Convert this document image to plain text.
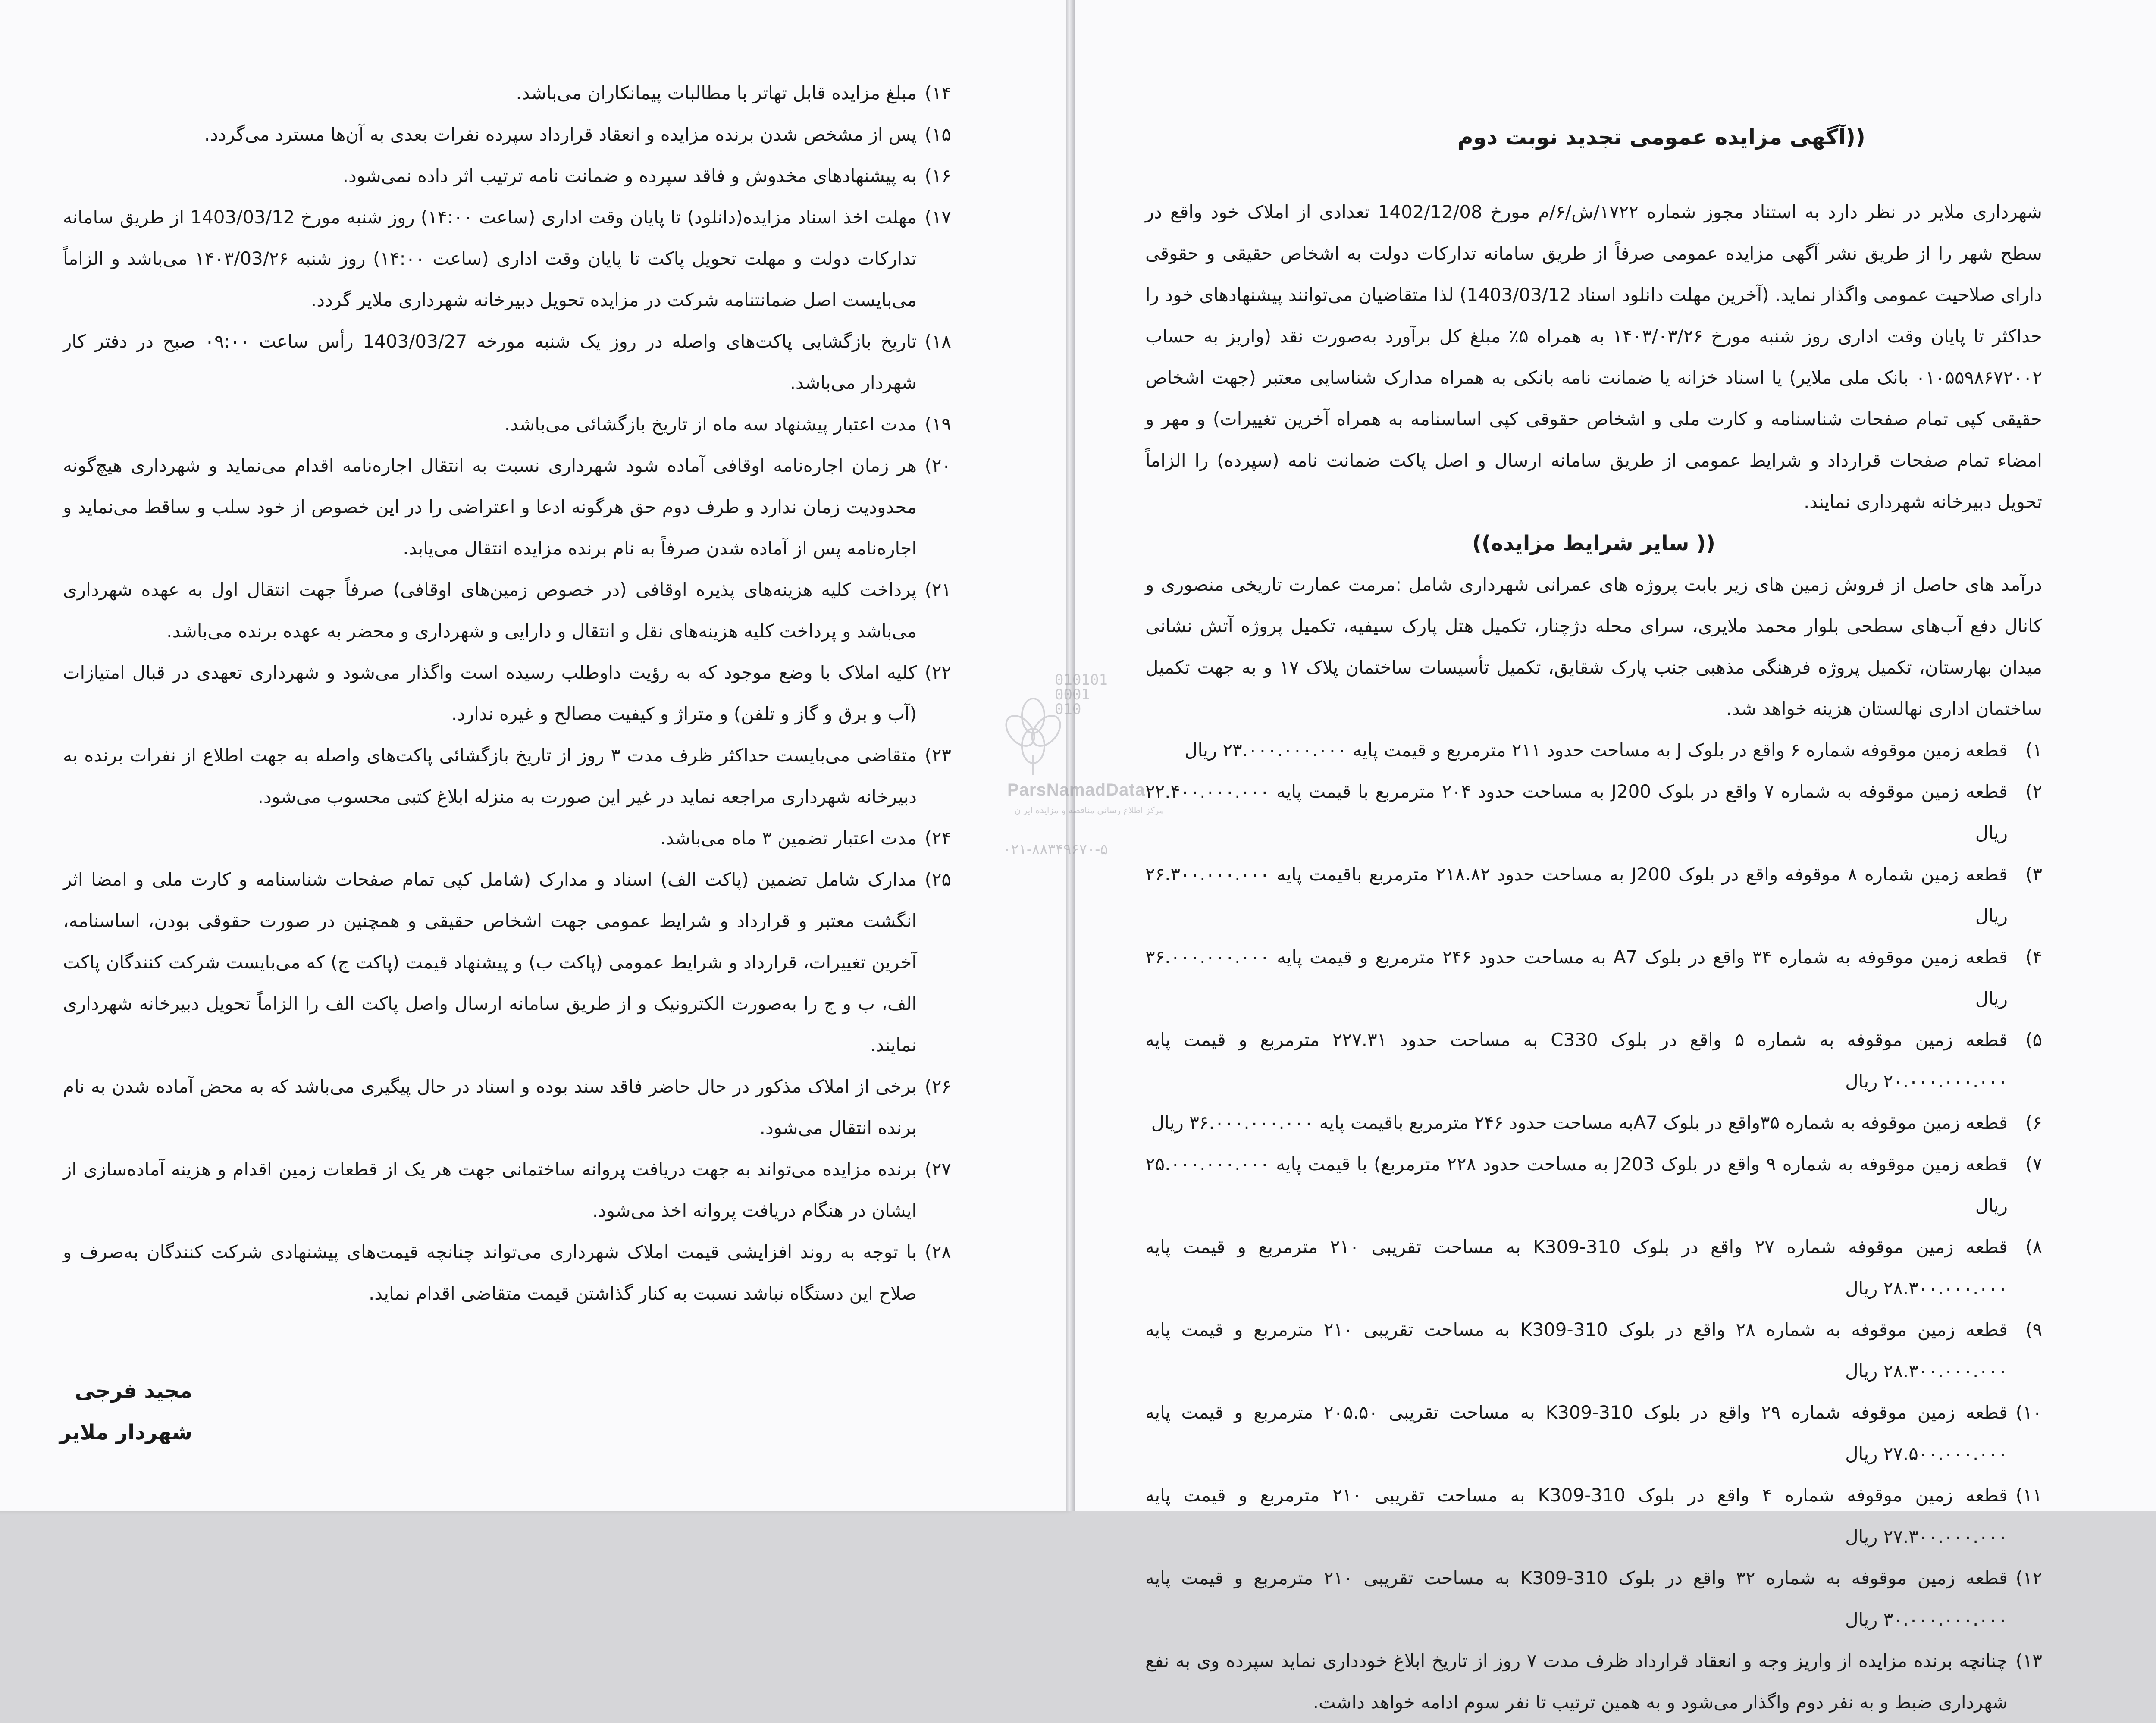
((آگهی مزایده عمومی تجدید نوبت دوم

شهرداری ملایر در نظر دارد به استناد مجوز شماره ۱۷۲۲/ش/۶/م مورخ 1402/12/08 تعدادی از املاک خود واقع در سطح شهر را از طریق نشر آگهی مزایده عمومی صرفاً از طریق سامانه تدارکات دولت به اشخاص حقیقی و حقوقی دارای صلاحیت عمومی واگذار نماید. (آخرین مهلت دانلود اسناد 1403/03/12) لذا متقاضیان می‌توانند پیشنهادهای خود را حداکثر تا پایان وقت اداری روز شنبه مورخ ۱۴۰۳/۰۳/۲۶ به همراه ۵٪ مبلغ کل برآورد به‌صورت نقد (واریز به حساب ۰۱۰۵۵۹۸۶۷۲۰۰۲ بانک ملی ملایر) یا اسناد خزانه یا ضمانت نامه بانکی به همراه مدارک شناسایی معتبر (جهت اشخاص حقیقی کپی تمام صفحات شناسنامه و کارت ملی و اشخاص حقوقی کپی اساسنامه به همراه آخرین تغییرات) و مهر و امضاء تمام صفحات قرارداد و شرایط عمومی از طریق سامانه ارسال و اصل پاکت ضمانت نامه (سپرده) را الزاماً تحویل دبیرخانه شهرداری نمایند.

(( سایر شرایط مزایده))

درآمد های حاصل از فروش زمین های زیر بابت پروژه های عمرانی شهرداری شامل :مرمت عمارت تاریخی منصوری و کانال دفع آب‌های سطحی بلوار محمد ملایری، سرای محله دژچنار، تکمیل هتل پارک سیفیه، تکمیل پروژه آتش نشانی میدان بهارستان، تکمیل پروژه فرهنگی مذهبی جنب پارک شقایق، تکمیل تأسیسات ساختمان پلاک ۱۷ و به جهت تکمیل ساختمان اداری نهالستان هزینه خواهد شد.

۱)
قطعه زمین موقوفه شماره ۶ واقع در بلوک J به مساحت حدود ۲۱۱ مترمربع و قیمت پایه ۲۳.۰۰۰.۰۰۰.۰۰۰ ریال
۲)
قطعه زمین موقوفه به شماره ۷ واقع در بلوک J200 به مساحت حدود ۲۰۴ مترمربع با قیمت پایه ۲۲.۴۰۰.۰۰۰.۰۰۰ ریال
۳)
قطعه زمین شماره ۸ موقوفه واقع در بلوک J200 به مساحت حدود ۲۱۸.۸۲ مترمربع باقیمت پایه ۲۶.۳۰۰.۰۰۰.۰۰۰ ریال
۴)
قطعه زمین موقوفه به شماره ۳۴ واقع در بلوک A7 به مساحت حدود ۲۴۶ مترمربع و قیمت پایه ۳۶.۰۰۰.۰۰۰.۰۰۰ ریال
۵)
قطعه زمین موقوفه به شماره ۵ واقع در بلوک C330 به مساحت حدود ۲۲۷.۳۱ مترمربع و قیمت پایه ۲۰.۰۰۰.۰۰۰.۰۰۰ ریال
۶)
قطعه زمین موقوفه به شماره ۳۵واقع در بلوک A7به مساحت حدود ۲۴۶ مترمربع باقیمت پایه ۳۶.۰۰۰.۰۰۰.۰۰۰ ریال
۷)
قطعه زمین موقوفه به شماره ۹ واقع در بلوک J203 به مساحت حدود ۲۲۸ مترمربع) با قیمت پایه ۲۵.۰۰۰.۰۰۰.۰۰۰ ریال
۸)
قطعه زمین موقوفه شماره ۲۷ واقع در بلوک K309-310 به مساحت تقریبی ۲۱۰ مترمربع و قیمت پایه ۲۸.۳۰۰.۰۰۰.۰۰۰ ریال
۹)
قطعه زمین موقوفه به شماره ۲۸ واقع در بلوک K309-310 به مساحت تقریبی ۲۱۰ مترمربع و قیمت پایه ۲۸.۳۰۰.۰۰۰.۰۰۰ ریال
۱۰)
قطعه زمین موقوفه شماره ۲۹ واقع در بلوک K309-310 به مساحت تقریبی ۲۰۵.۵۰ مترمربع و قیمت پایه ۲۷.۵۰۰.۰۰۰.۰۰۰ ریال
۱۱)
قطعه زمین موقوفه شماره ۴ واقع در بلوک K309-310 به مساحت تقریبی ۲۱۰ مترمربع و قیمت پایه ۲۷.۳۰۰.۰۰۰.۰۰۰ ریال
۱۲)
قطعه زمین موقوفه به شماره ۳۲ واقع در بلوک K309-310 به مساحت تقریبی ۲۱۰ مترمربع و قیمت پایه ۳۰.۰۰۰.۰۰۰.۰۰۰ ریال
۱۳)
چنانچه برنده مزایده از واریز وجه و انعقاد قرارداد ظرف مدت ۷ روز از تاریخ ابلاغ خودداری نماید سپرده وی به نفع شهرداری ضبط و به نفر دوم واگذار می‌شود و به همین ترتیب تا نفر سوم ادامه خواهد داشت.
۱۴)
مبلغ مزایده قابل تهاتر با مطالبات پیمانکاران می‌باشد.
۱۵)
پس از مشخص شدن برنده مزایده و انعقاد قرارداد سپرده نفرات بعدی به آن‌ها مسترد می‌گردد.
۱۶)
به پیشنهادهای مخدوش و فاقد سپرده و ضمانت نامه ترتیب اثر داده نمی‌شود.
۱۷)
مهلت اخذ اسناد مزایده(دانلود) تا پایان وقت اداری (ساعت ۱۴:۰۰) روز شنبه مورخ 1403/03/12 از طریق سامانه تدارکات دولت و مهلت تحویل پاکت تا پایان وقت اداری (ساعت ۱۴:۰۰) روز شنبه ۱۴۰۳/03/۲۶ می‌باشد و الزاماً می‌بایست اصل ضمانتنامه شرکت در مزایده تحویل دبیرخانه شهرداری ملایر گردد.
۱۸)
تاریخ بازگشایی پاکت‌های واصله در روز یک شنبه مورخه 1403/03/27 رأس ساعت ۰۹:۰۰ صبح در دفتر کار شهردار می‌باشد.
۱۹)
مدت اعتبار پیشنهاد سه ماه از تاریخ بازگشائی می‌باشد.
۲۰)
هر زمان اجارەنامه اوقافی آماده شود شهرداری نسبت به انتقال اجارەنامه اقدام می‌نماید و شهرداری هیچ‌گونه محدودیت زمان ندارد و طرف دوم حق هرگونه ادعا و اعتراضی را در این خصوص از خود سلب و ساقط می‌نماید و اجارەنامه پس از آماده شدن صرفاً به نام برنده مزایده انتقال می‌یابد.
۲۱)
پرداخت کلیه هزینه‌های پذیره اوقافی (در خصوص زمین‌های اوقافی) صرفاً جهت انتقال اول به عهده شهرداری می‌باشد و پرداخت کلیه هزینه‌های نقل و انتقال و دارایی و شهرداری و محضر به عهده برنده می‌باشد.
۲۲)
کلیه املاک با وضع موجود که به رؤیت داوطلب رسیده است واگذار می‌شود و شهرداری تعهدی در قبال امتیازات (آب و برق و گاز و تلفن) و متراژ و کیفیت مصالح و غیره ندارد.
۲۳)
متقاضی می‌بایست حداکثر ظرف مدت ۳ روز از تاریخ بازگشائی پاکت‌های واصله به جهت اطلاع از نفرات برنده به دبیرخانه شهرداری مراجعه نماید در غیر این صورت به منزله ابلاغ کتبی محسوب می‌شود.
۲۴)
مدت اعتبار تضمین ۳ ماه می‌باشد.
۲۵)
مدارک شامل تضمین (پاکت الف) اسناد و مدارک (شامل کپی تمام صفحات شناسنامه و کارت ملی و امضا اثر انگشت معتبر و قرارداد و شرایط عمومی جهت اشخاص حقیقی و همچنین در صورت حقوقی بودن، اساسنامه، آخرین تغییرات، قرارداد و شرایط عمومی (پاکت ب) و پیشنهاد قیمت (پاکت ج) که می‌بایست شرکت کنندگان پاکت الف، ب و ج را به‌صورت الکترونیک و از طریق سامانه ارسال واصل پاکت الف را الزاماً تحویل دبیرخانه شهرداری نمایند.
۲۶)
برخی از املاک مذکور در حال حاضر فاقد سند بوده و اسناد در حال پیگیری می‌باشد که به محض آماده شدن به نام برنده انتقال می‌شود.
۲۷)
برنده مزایده می‌تواند به جهت دریافت پروانه ساختمانی جهت هر یک از قطعات زمین اقدام و هزینه آماده‌سازی از ایشان در هنگام دریافت پروانه اخذ می‌شود.
۲۸)
با توجه به روند افزایشی قیمت املاک شهرداری می‌تواند چنانچه قیمت‌های پیشنهادی شرکت کنندگان به‌صرف و صلاح این دستگاه نباشد نسبت به کنار گذاشتن قیمت متقاضی اقدام نماید.
مجید فرجی
شهردار ملایر
010101
0001
010
ParsNamadData
مرکز اطلاع رسانی مناقصه و مزایده ایران
۰۲۱-۸۸۳۴۹۶۷۰-۵
